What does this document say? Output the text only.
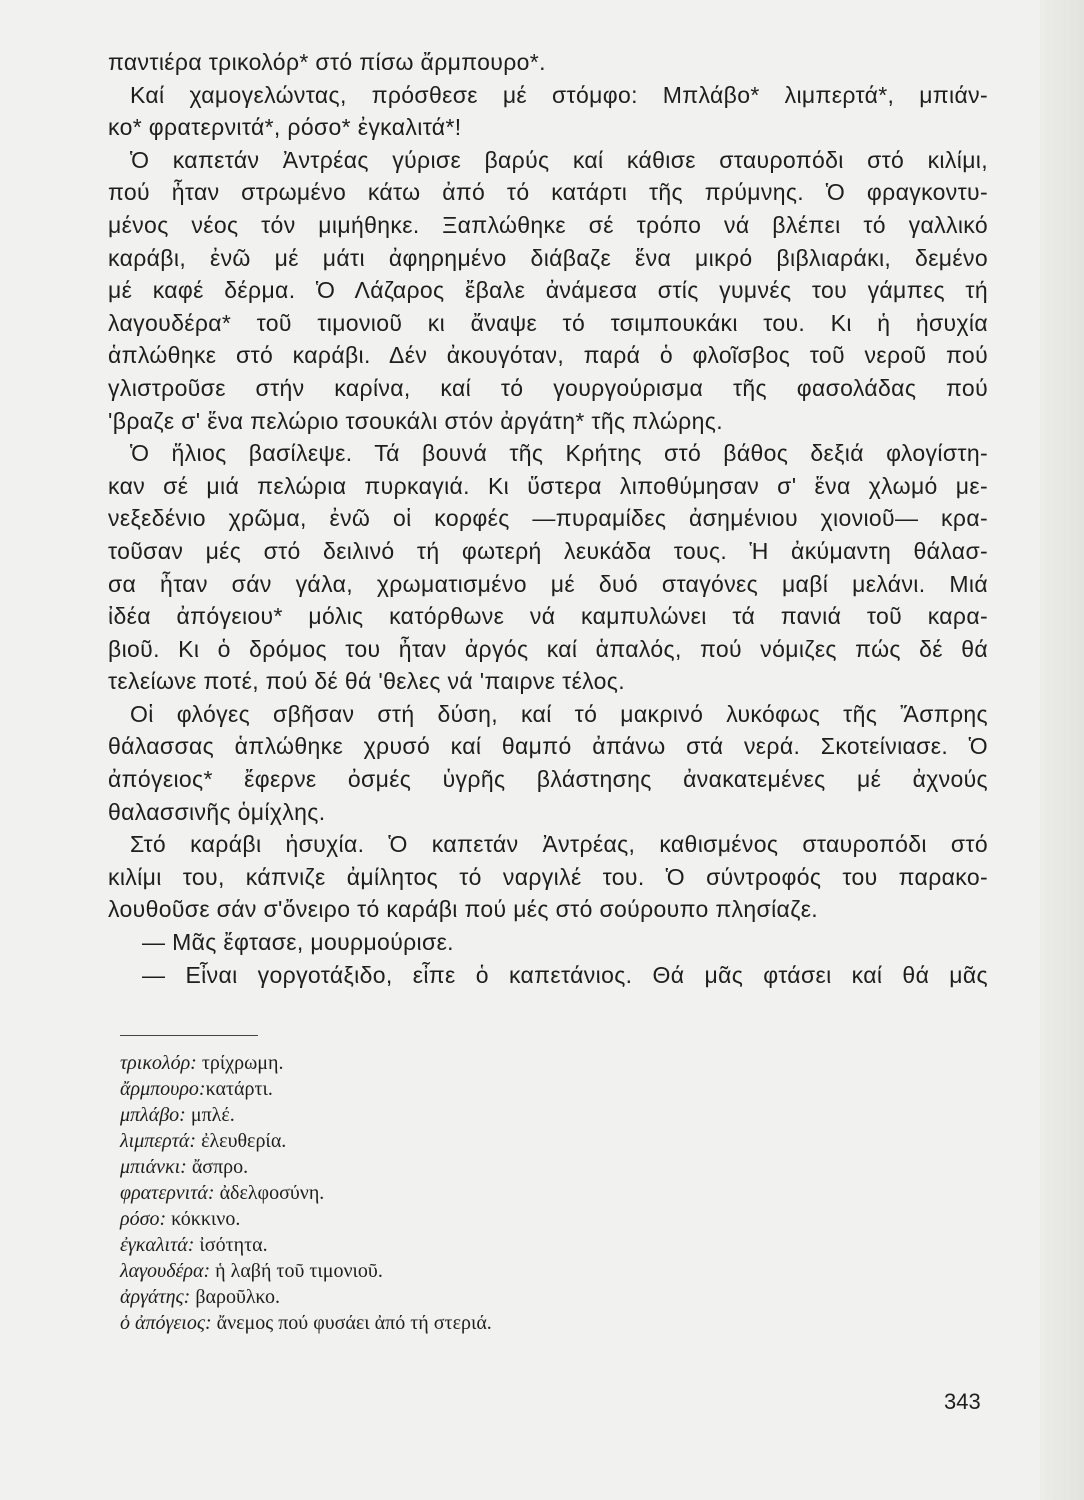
παντιέρα τρικολόρ* στό πίσω ἄρμπουρο*.
Καί χαμογελώντας, πρόσθεσε μέ στόμφο: Μπλάβο* λιμπερτά*, μπιάν-
κο* φρατερνιτά*, ρόσο* ἐγκαλιτά*!
Ὁ καπετάν Ἀντρέας γύρισε βαρύς καί κάθισε σταυροπόδι στό κιλίμι,
πού ἦταν στρωμένο κάτω ἀπό τό κατάρτι τῆς πρύμνης. Ὁ φραγκοντυ-
μένος νέος τόν μιμήθηκε. Ξαπλώθηκε σέ τρόπο νά βλέπει τό γαλλικό
καράβι, ἐνῶ μέ μάτι ἀφηρημένο διάβαζε ἕνα μικρό βιβλιαράκι, δεμένο
μέ καφέ δέρμα. Ὁ Λάζαρος ἔβαλε ἀνάμεσα στίς γυμνές του γάμπες τή
λαγουδέρα* τοῦ τιμονιοῦ κι ἄναψε τό τσιμπουκάκι του. Κι ἡ ἡσυχία
ἁπλώθηκε στό καράβι. Δέν ἀκουγόταν, παρά ὁ φλοῖσβος τοῦ νεροῦ πού
γλιστροῦσε στήν καρίνα, καί τό γουργούρισμα τῆς φασολάδας πού
'βραζε σ' ἕνα πελώριο τσουκάλι στόν ἀργάτη* τῆς πλώρης.
Ὁ ἥλιος βασίλεψε. Τά βουνά τῆς Κρήτης στό βάθος δεξιά φλογίστη-
καν σέ μιά πελώρια πυρκαγιά. Κι ὕστερα λιποθύμησαν σ' ἕνα χλωμό με-
νεξεδένιο χρῶμα, ἐνῶ οἱ κορφές —πυραμίδες ἀσημένιου χιονιοῦ— κρα-
τοῦσαν μές στό δειλινό τή φωτερή λευκάδα τους. Ἡ ἀκύμαντη θάλασ-
σα ἦταν σάν γάλα, χρωματισμένο μέ δυό σταγόνες μαβί μελάνι. Μιά
ἰδέα ἀπόγειου* μόλις κατόρθωνε νά καμπυλώνει τά πανιά τοῦ καρα-
βιοῦ. Κι ὁ δρόμος του ἦταν ἀργός καί ἁπαλός, πού νόμιζες πώς δέ θά
τελείωνε ποτέ, πού δέ θά 'θελες νά 'παιρνε τέλος.
Οἱ φλόγες σβῆσαν στή δύση, καί τό μακρινό λυκόφως τῆς Ἄσπρης
θάλασσας ἁπλώθηκε χρυσό καί θαμπό ἀπάνω στά νερά. Σκοτείνιασε. Ὁ
ἀπόγειος* ἔφερνε ὀσμές ὑγρῆς βλάστησης ἀνακατεμένες μέ ἀχνούς
θαλασσινῆς ὁμίχλης.
Στό καράβι ἡσυχία. Ὁ καπετάν Ἀντρέας, καθισμένος σταυροπόδι στό
κιλίμι του, κάπνιζε ἀμίλητος τό ναργιλέ του. Ὁ σύντροφός του παρακο-
λουθοῦσε σάν σ'ὄνειρο τό καράβι πού μές στό σούρουπο πλησίαζε.
— Μᾶς ἔφτασε, μουρμούρισε.
— Εἶναι γοργοτάξιδο, εἶπε ὁ καπετάνιος. Θά μᾶς φτάσει καί θά μᾶς
τρικολόρ: τρίχρωμη.
ἄρμπουρο:κατάρτι.
μπλάβο: μπλέ.
λιμπερτά: ἐλευθερία.
μπιάνκι: ἄσπρο.
φρατερνιτά: ἀδελφοσύνη.
ρόσο: κόκκινο.
ἐγκαλιτά: ἰσότητα.
λαγουδέρα: ἡ λαβή τοῦ τιμονιοῦ.
ἀργάτης: βαροῦλκο.
ὁ ἀπόγειος: ἄνεμος πού φυσάει ἀπό τή στεριά.
343
